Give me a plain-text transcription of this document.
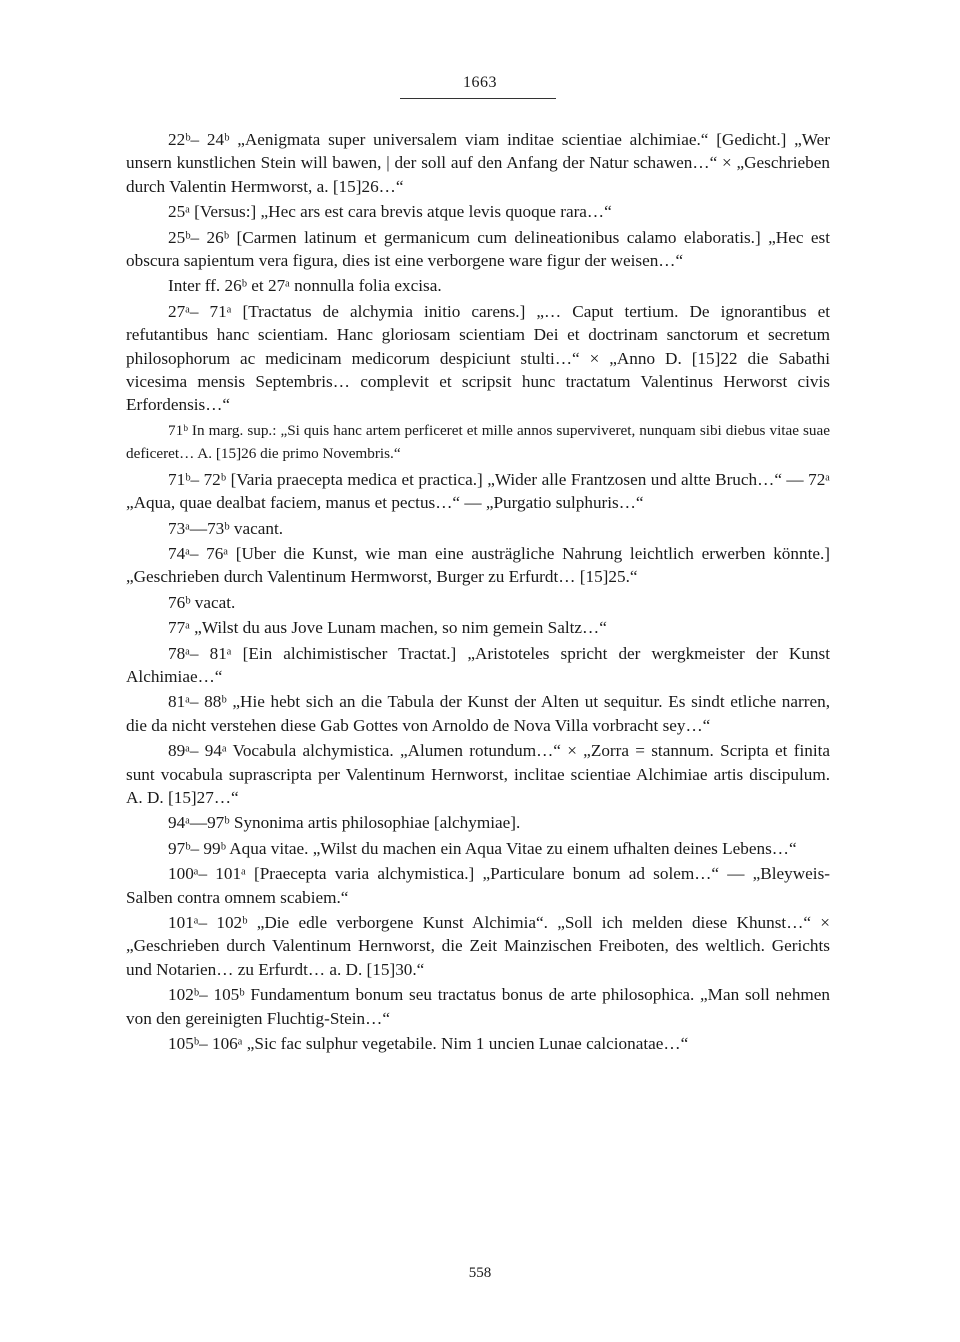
1663

22ᵇ– 24ᵇ „Aenigmata super universalem viam inditae scientiae alchimiae.“ [Gedicht.] „Wer unsern kunstlichen Stein will bawen, | der soll auf den Anfang der Natur schawen…“ × „Geschrieben durch Valentin Hermworst, a. [15]26…“

25ᵃ [Versus:] „Hec ars est cara brevis atque levis quoque rara…“

25ᵇ– 26ᵇ [Carmen latinum et germanicum cum delineationibus calamo elaboratis.] „Hec est obscura sapientum vera figura, dies ist eine verborgene ware figur der weisen…“

Inter ff. 26ᵇ et 27ᵃ nonnulla folia excisa.

27ᵃ– 71ᵃ [Tractatus de alchymia initio carens.] „… Caput tertium. De ignorantibus et refutantibus hanc scientiam. Hanc gloriosam scientiam Dei et doctrinam sanctorum et secretum philosophorum ac medicinam medicorum despiciunt stulti…“ × „Anno D. [15]22 die Sabathi vicesima mensis Septembris… complevit et scripsit hunc tractatum Valentinus Herworst civis Erfordensis…“

71ᵇ In marg. sup.: „Si quis hanc artem perficeret et mille annos superviveret, nunquam sibi diebus vitae suae deficeret… A. [15]26 die primo Novembris.“

71ᵇ– 72ᵇ [Varia praecepta medica et practica.] „Wider alle Frantzosen und altte Bruch…“ — 72ᵃ „Aqua, quae dealbat faciem, manus et pectus…“ — „Purgatio sulphuris…“

73ᵃ—73ᵇ vacant.

74ᵃ– 76ᵃ [Uber die Kunst, wie man eine austrägliche Nahrung leichtlich erwerben könnte.] „Geschrieben durch Valentinum Hermworst, Burger zu Erfurdt… [15]25.“

76ᵇ vacat.

77ᵃ „Wilst du aus Jove Lunam machen, so nim gemein Saltz…“

78ᵃ– 81ᵃ [Ein alchimistischer Tractat.] „Aristoteles spricht der wergkmeister der Kunst Alchimiae…“

81ᵃ– 88ᵇ „Hie hebt sich an die Tabula der Kunst der Alten ut sequitur. Es sindt etliche narren, die da nicht verstehen diese Gab Gottes von Arnoldo de Nova Villa vorbracht sey…“

89ᵃ– 94ᵃ Vocabula alchymistica. „Alumen rotundum…“ × „Zorra = stannum. Scripta et finita sunt vocabula suprascripta per Valentinum Hernworst, inclitae scientiae Alchimiae artis discipulum. A. D. [15]27…“

94ᵃ—97ᵇ Synonima artis philosophiae [alchymiae].

97ᵇ– 99ᵇ Aqua vitae. „Wilst du machen ein Aqua Vitae zu einem ufhalten deines Lebens…“

100ᵃ– 101ᵃ [Praecepta varia alchymistica.] „Particulare bonum ad solem…“ — „Bleyweis-Salben contra omnem scabiem.“

101ᵃ– 102ᵇ „Die edle verborgene Kunst Alchimia“. „Soll ich melden diese Khunst…“ × „Geschrieben durch Valentinum Hernworst, die Zeit Mainzischen Freiboten, des weltlich. Gerichts und Notarien… zu Erfurdt… a. D. [15]30.“

102ᵇ– 105ᵇ Fundamentum bonum seu tractatus bonus de arte philosophica. „Man soll nehmen von den gereinigten Fluchtig-Stein…“

105ᵇ– 106ᵃ „Sic fac sulphur vegetabile. Nim 1 uncien Lunae calcionatae…“

558
